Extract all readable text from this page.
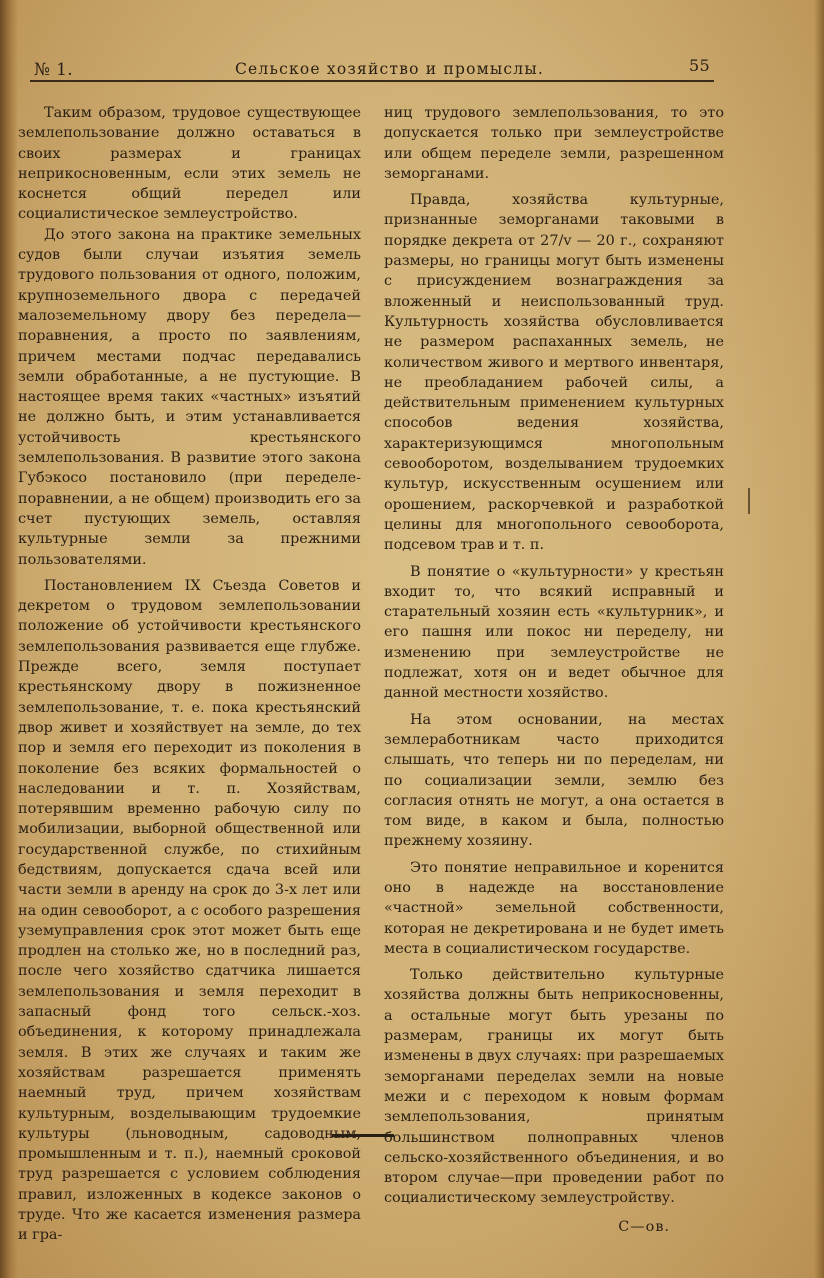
№ 1.	Сельское хозяйство и промыслы.	55

Таким образом, трудовое существующее землепользование должно оставаться в своих размерах и границах неприкосновенным, если этих земель не коснется общий передел или социалистическое землеустройство.

До этого закона на практике земельных судов были случаи изъятия земель трудового пользования от одного, положим, крупноземельного двора с передачей малоземельному двору без передела—поравнения, а просто по заявлениям, причем местами подчас передавались земли обработанные, а не пустующие. В настоящее время таких «частных» изъятий не должно быть, и этим устанавливается устойчивость крестьянского землепользования. В развитие этого закона Губэкосо постановило (при переделе-поравнении, а не общем) производить его за счет пустующих земель, оставляя культурные земли за прежними пользователями.

Постановлением IX Съезда Советов и декретом о трудовом землепользовании положение об устойчивости крестьянского землепользования развивается еще глубже. Прежде всего, земля поступает крестьянскому двору в пожизненное землепользование, т. е. пока крестьянский двор живет и хозяйствует на земле, до тех пор и земля его переходит из поколения в поколение без всяких формальностей о наследовании и т. п. Хозяйствам, потерявшим временно рабочую силу по мобилизации, выборной общественной или государственной службе, по стихийным бедствиям, допускается сдача всей или части земли в аренду на срок до 3-х лет или на один севооборот, а с особого разрешения уземуправления срок этот может быть еще продлен на столько же, но в последний раз, после чего хозяйство сдатчика лишается землепользования и земля переходит в запасный фонд того сельск.-хоз. объединения, к которому принадлежала земля. В этих же случаях и таким же хозяйствам разрешается применять наемный труд, причем хозяйствам культурным, возделывающим трудоемкие культуры (льноводным, садоводным, промышленным и т. п.), наемный сроковой труд разрешается с условием соблюдения правил, изложенных в кодексе законов о труде. Что же касается изменения размера и гра-

ниц трудового землепользования, то это допускается только при землеустройстве или общем переделе земли, разрешенном земорганами.

Правда, хозяйства культурные, признанные земорганами таковыми в порядке декрета от 27/v — 20 г., сохраняют размеры, но границы могут быть изменены с присуждением вознаграждения за вложенный и неиспользованный труд. Культурность хозяйства обусловливается не размером распаханных земель, не количеством живого и мертвого инвентаря, не преобладанием рабочей силы, а действительным применением культурных способов ведения хозяйства, характеризующимся многопольным севооборотом, возделыванием трудоемких культур, искусственным осушением или орошением, раскорчевкой и разработкой целины для многопольного севооборота, подсевом трав и т. п.

В понятие о «культурности» у крестьян входит то, что всякий исправный и старательный хозяин есть «культурник», и его пашня или покос ни переделу, ни изменению при землеустройстве не подлежат, хотя он и ведет обычное для данной местности хозяйство.

На этом основании, на местах землеработникам часто приходится слышать, что теперь ни по переделам, ни по социализации земли, землю без согласия отнять не могут, а она остается в том виде, в каком и была, полностью прежнему хозяину.

Это понятие неправильное и коренится оно в надежде на восстановление «частной» земельной собственности, которая не декретирована и не будет иметь места в социалистическом государстве.

Только действительно культурные хозяйства должны быть неприкосновенны, а остальные могут быть урезаны по размерам, границы их могут быть изменены в двух случаях: при разрешаемых земорганами переделах земли на новые межи и с переходом к новым формам землепользования, принятым большинством полноправных членов сельско-хозяйственного объединения, и во втором случае—при проведении работ по социалистическому землеустройству.

С—ов.
